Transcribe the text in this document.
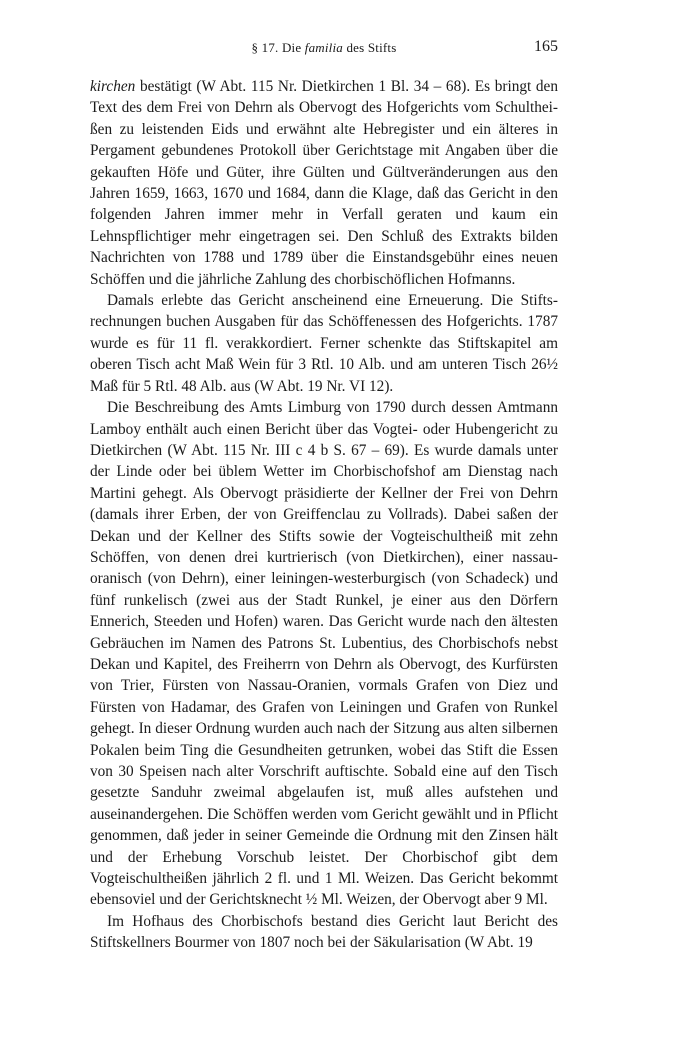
§ 17. Die familia des Stifts	165

kirchen bestätigt (W Abt. 115 Nr. Dietkirchen 1 Bl. 34 – 68). Es bringt den Text des dem Frei von Dehrn als Obervogt des Hofgerichts vom Schultheißen zu leistenden Eids und erwähnt alte Hebregister und ein älteres in Pergament gebundenes Protokoll über Gerichtstage mit Angaben über die gekauften Höfe und Güter, ihre Gülten und Gültveränderungen aus den Jahren 1659, 1663, 1670 und 1684, dann die Klage, daß das Gericht in den folgenden Jahren immer mehr in Verfall geraten und kaum ein Lehnspflichtiger mehr eingetragen sei. Den Schluß des Extrakts bilden Nachrichten von 1788 und 1789 über die Einstandsgebühr eines neuen Schöffen und die jährliche Zahlung des chorbischöflichen Hofmanns.

Damals erlebte das Gericht anscheinend eine Erneuerung. Die Stiftsrechnungen buchen Ausgaben für das Schöffenessen des Hofgerichts. 1787 wurde es für 11 fl. verakkordiert. Ferner schenkte das Stiftskapitel am oberen Tisch acht Maß Wein für 3 Rtl. 10 Alb. und am unteren Tisch 26½ Maß für 5 Rtl. 48 Alb. aus (W Abt. 19 Nr. VI 12).

Die Beschreibung des Amts Limburg von 1790 durch dessen Amtmann Lamboy enthält auch einen Bericht über das Vogtei- oder Hubengericht zu Dietkirchen (W Abt. 115 Nr. III c 4 b S. 67 – 69). Es wurde damals unter der Linde oder bei üblem Wetter im Chorbischofshof am Dienstag nach Martini gehegt. Als Obervogt präsidierte der Kellner der Frei von Dehrn (damals ihrer Erben, der von Greiffenclau zu Vollrads). Dabei saßen der Dekan und der Kellner des Stifts sowie der Vogteischultheiß mit zehn Schöffen, von denen drei kurtrierisch (von Dietkirchen), einer nassau-oranisch (von Dehrn), einer leiningen-westerburgisch (von Schadeck) und fünf runkelisch (zwei aus der Stadt Runkel, je einer aus den Dörfern Ennerich, Steeden und Hofen) waren. Das Gericht wurde nach den ältesten Gebräuchen im Namen des Patrons St. Lubentius, des Chorbischofs nebst Dekan und Kapitel, des Freiherrn von Dehrn als Obervogt, des Kurfürsten von Trier, Fürsten von Nassau-Oranien, vormals Grafen von Diez und Fürsten von Hadamar, des Grafen von Leiningen und Grafen von Runkel gehegt. In dieser Ordnung wurden auch nach der Sitzung aus alten silbernen Pokalen beim Ting die Gesundheiten getrunken, wobei das Stift die Essen von 30 Speisen nach alter Vorschrift auftischte. Sobald eine auf den Tisch gesetzte Sanduhr zweimal abgelaufen ist, muß alles aufstehen und auseinandergehen. Die Schöffen werden vom Gericht gewählt und in Pflicht genommen, daß jeder in seiner Gemeinde die Ordnung mit den Zinsen hält und der Erhebung Vorschub leistet. Der Chorbischof gibt dem Vogteischultheißen jährlich 2 fl. und 1 Ml. Weizen. Das Gericht bekommt ebensoviel und der Gerichtsknecht ½ Ml. Weizen, der Obervogt aber 9 Ml.

Im Hofhaus des Chorbischofs bestand dies Gericht laut Bericht des Stiftskellners Bourmer von 1807 noch bei der Säkularisation (W Abt. 19
